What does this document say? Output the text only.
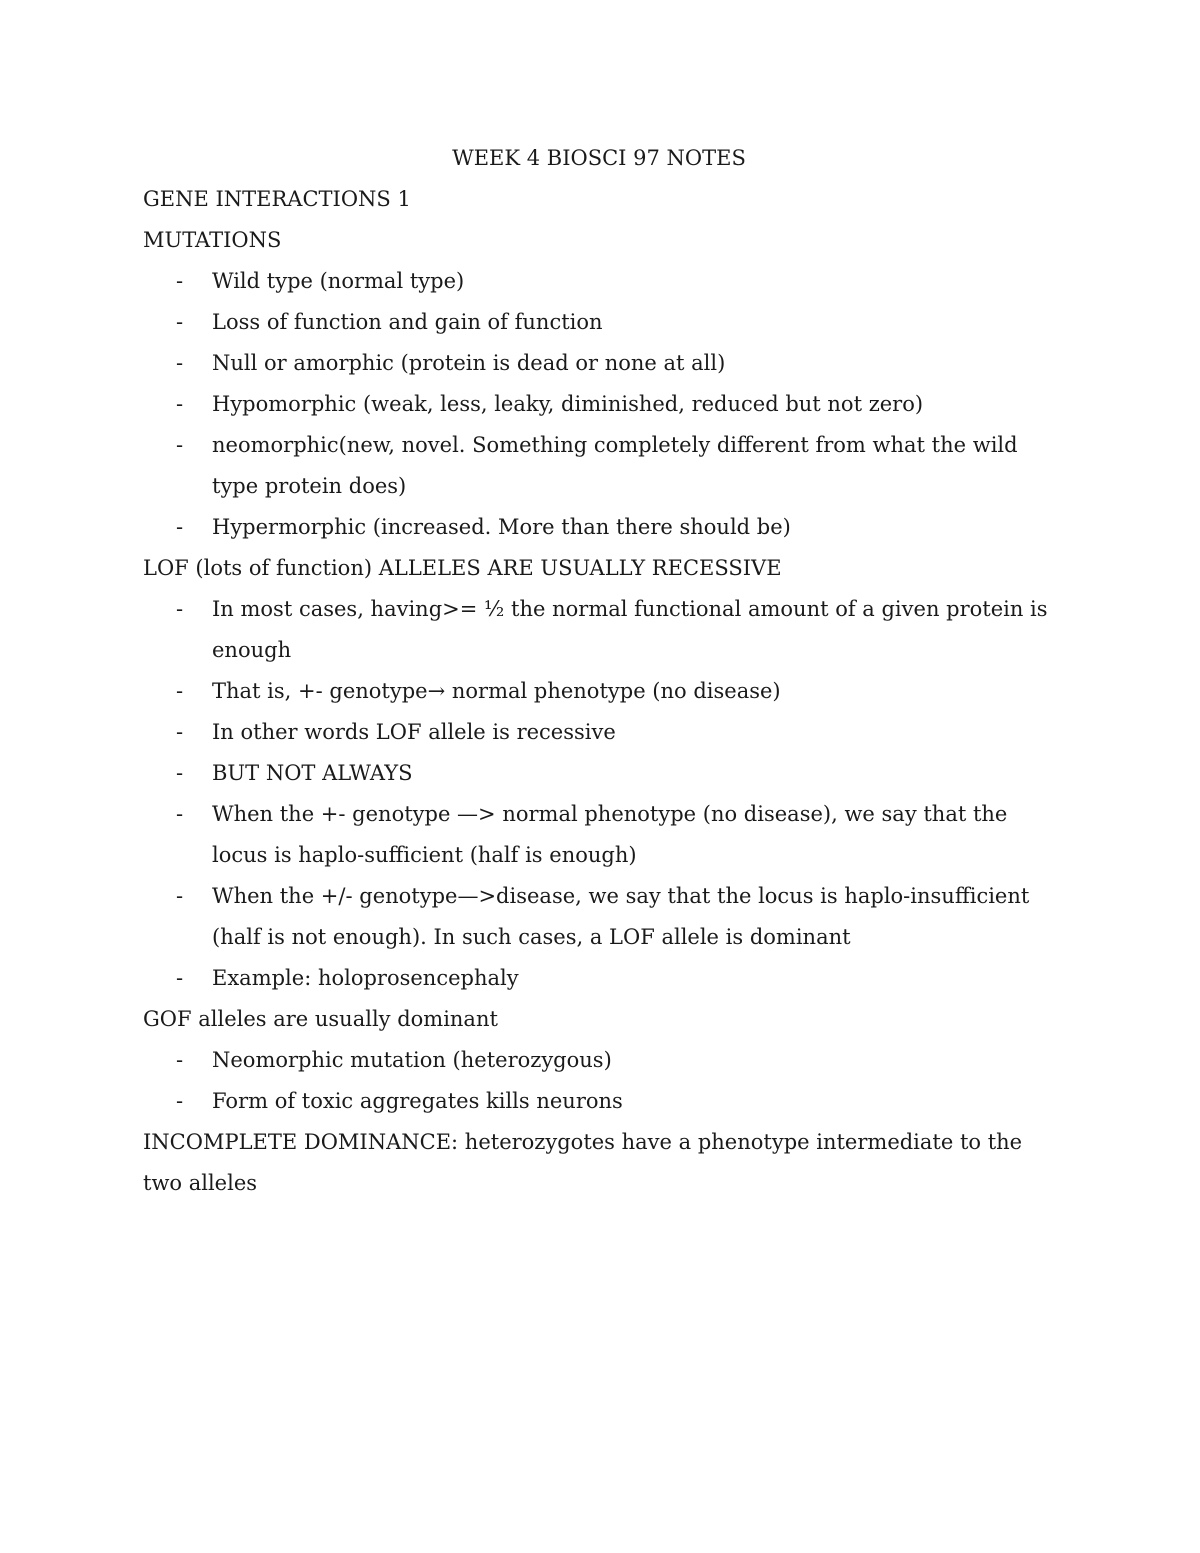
WEEK 4 BIOSCI 97 NOTES
GENE INTERACTIONS 1
MUTATIONS
- Wild type (normal type)
- Loss of function and gain of function
- Null or amorphic (protein is dead or none at all)
- Hypomorphic (weak, less, leaky, diminished, reduced but not zero)
- neomorphic(new, novel. Something completely different from what the wild type protein does)
- Hypermorphic (increased. More than there should be)
LOF (lots of function) ALLELES ARE USUALLY RECESSIVE
- In most cases, having>= ½ the normal functional amount of a given protein is enough
- That is, +- genotype→ normal phenotype (no disease)
- In other words LOF allele is recessive
- BUT NOT ALWAYS
- When the +- genotype —> normal phenotype (no disease), we say that the locus is haplo-sufficient (half is enough)
- When the +/- genotype—>disease, we say that the locus is haplo-insufficient (half is not enough). In such cases, a LOF allele is dominant
- Example: holoprosencephaly
GOF alleles are usually dominant
- Neomorphic mutation (heterozygous)
- Form of toxic aggregates kills neurons
INCOMPLETE DOMINANCE: heterozygotes have a phenotype intermediate to the two alleles
